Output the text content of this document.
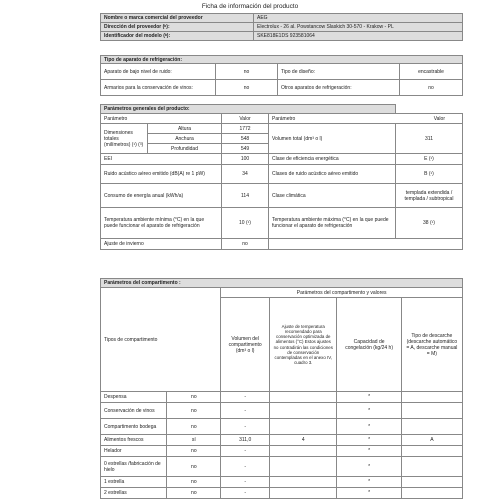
Ficha de información del producto
Nombre o marca comercial del proveedor	AEG
Dirección del proveedor (ᵇ):	Electrolux - 26 al. Powstancow Slaskich 30-570 - Krakow - PL
Identificador del modelo (ᵇ):	SKE818E1DS 923581064
Tipo de aparato de refrigeración:			
Aparato de bajo nivel de ruido:	no	Tipo de diseño:	encastrable
Armarios para la conservación de vinos:	no	Otros aparatos de refrigeración:	no
Parámetros generales del producto:				
Parámetro		Valor	Parámetro Valor	

Dimensiones totales (milímetros) (¹) (³)	Altura	1772	Volumen total (dm³ o l)	311
	Anchura	548		
	Profundidad	549		
EEI		100	Clase de eficiencia energética	E (¹)
Ruido acústico aéreo emitido (dB(A) re 1 pW)		34	Clases de ruido acústico aéreo emitido	B (¹)
Consumo de energía anual (kWh/a)		114	Clase climática	templada extendida / templada / subtropical
Temperatura ambiente mínima (°C) en la que puede funcionar el aparato de refrigeración		10 (¹)	Temperatura ambiente máxima (°C) en la que puede funcionar el aparato de refrigeración	38 (¹)
Ajuste de invierno		no		
Parámetros del compartimento :					
Tipos de compartimento		Parámetros del compartimento y valores			
		Volumen del compartimento (dm³ o l)	Ajuste de temperatura recomendado para conservación optimizada de alimentos (°C) Estos ajustes no contradirán las condiciones de conservación contempladas en el anexo IV, cuadro 3.	Capacidad de congelación (kg/24 h)	Tipo de descarche (descarche automático = A, descarche manual = M)
Despensa	no	-		*	
Conservación de vinos	no	-		*	
Compartimento bodega	no	-		*	
Alimentos frescos	sí	311,0	4	*	A
Helador	no	-		*	
0 estrellas /fabricación de hielo	no	-		*	
1 estrella	no	-		*	
2 estrellas	no	-		*	
